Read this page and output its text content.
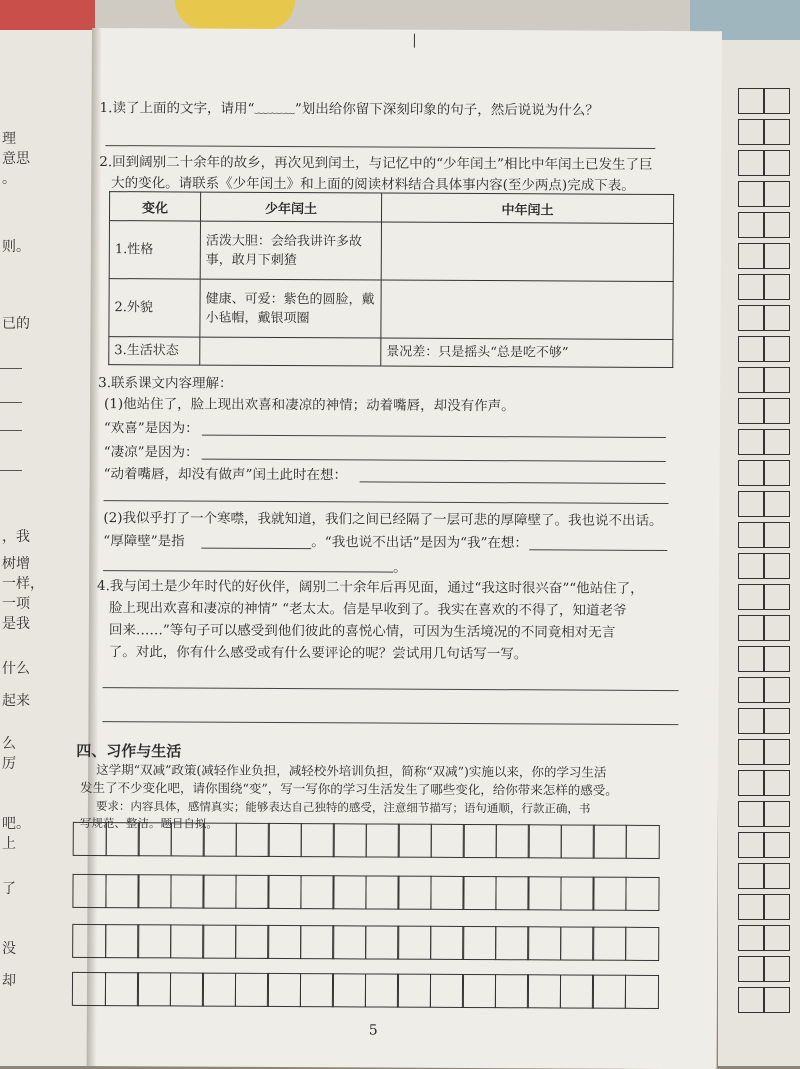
理
意思
。
则。
已的
，我
树增
一样，
一项
是我
什么
起来
么
厉
吧。
上
了
没
却
1.读了上面的文字，请用“﹏﹏﹏”划出给你留下深刻印象的句子，然后说说为什么？
2.回到阔别二十余年的故乡，再次见到闰土，与记忆中的“少年闰土”相比中年闰土已发生了巨
大的变化。请联系《少年闰土》和上面的阅读材料结合具体事内容(至少两点)完成下表。
变化	少年闰土	中年闰土
1.性格	活泼大胆：会给我讲许多故事，敢月下刺猹	
2.外貌	健康、可爱：紫色的圆脸，戴小毡帽，戴银项圈	
3.生活状态		景况差：只是摇头“总是吃不够”
3.联系课文内容理解：
(1)他站住了，脸上现出欢喜和凄凉的神情；动着嘴唇，却没有作声。
“欢喜”是因为：
“凄凉”是因为：
“动着嘴唇，却没有做声”闰土此时在想：
(2)我似乎打了一个寒噤，我就知道，我们之间已经隔了一层可悲的厚障壁了。我也说不出话。
“厚障壁”是指	。“我也说不出话”是因为“我”在想：
。
4.我与闰土是少年时代的好伙伴，阔别二十余年后再见面，通过“我这时很兴奋”“他站住了，
脸上现出欢喜和凄凉的神情” “老太太。信是早收到了。我实在喜欢的不得了，知道老爷
回来……”等句子可以感受到他们彼此的喜悦心情，可因为生活境况的不同竟相对无言
了。对此，你有什么感受或有什么要评论的呢？尝试用几句话写一写。
四、习作与生活
这学期“双减”政策(减轻作业负担，减轻校外培训负担，简称“双减”)实施以来，你的学习生活
发生了不少变化吧，请你围绕“变”，写一写你的学习生活发生了哪些变化，给你带来怎样的感受。
要求：内容具体，感情真实；能够表达自己独特的感受，注意细节描写；语句通顺，行款正确，书
写规范、整洁。题目自拟。
5
